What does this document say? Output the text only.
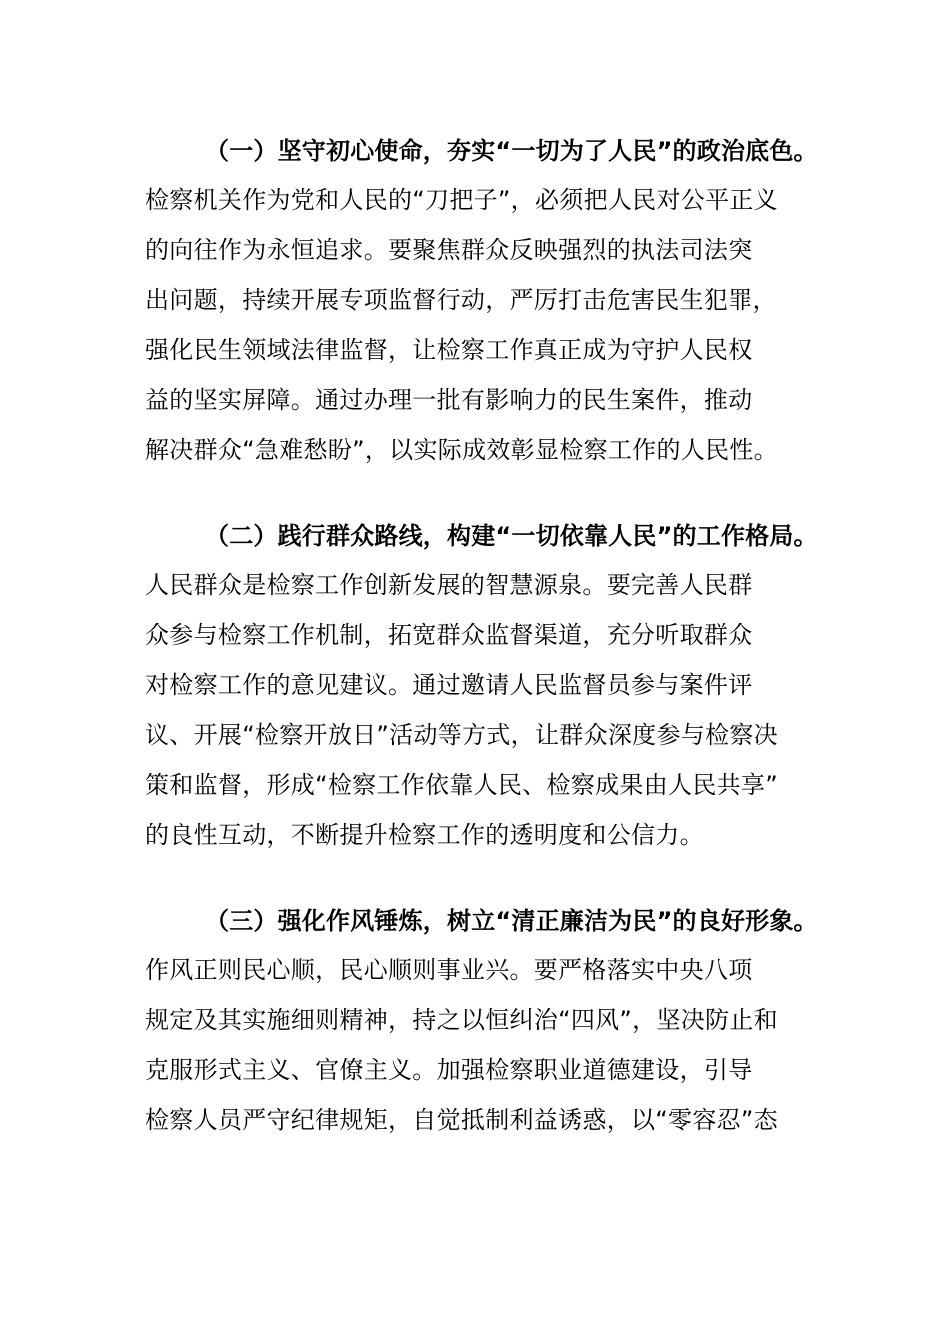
（一）坚守初心使命，夯实“一切为了人民”的政治底色。
检察机关作为党和人民的“刀把子”，必须把人民对公平正义
的向往作为永恒追求。要聚焦群众反映强烈的执法司法突
出问题，持续开展专项监督行动，严厉打击危害民生犯罪，
强化民生领域法律监督，让检察工作真正成为守护人民权
益的坚实屏障。通过办理一批有影响力的民生案件，推动
解决群众“急难愁盼”，以实际成效彰显检察工作的人民性。
（二）践行群众路线，构建“一切依靠人民”的工作格局。
人民群众是检察工作创新发展的智慧源泉。要完善人民群
众参与检察工作机制，拓宽群众监督渠道，充分听取群众
对检察工作的意见建议。通过邀请人民监督员参与案件评
议、开展“检察开放日”活动等方式，让群众深度参与检察决
策和监督，形成“检察工作依靠人民、检察成果由人民共享”
的良性互动，不断提升检察工作的透明度和公信力。
（三）强化作风锤炼，树立“清正廉洁为民”的良好形象。
作风正则民心顺，民心顺则事业兴。要严格落实中央八项
规定及其实施细则精神，持之以恒纠治“四风”，坚决防止和
克服形式主义、官僚主义。加强检察职业道德建设，引导
检察人员严守纪律规矩，自觉抵制利益诱惑，以“零容忍”态
